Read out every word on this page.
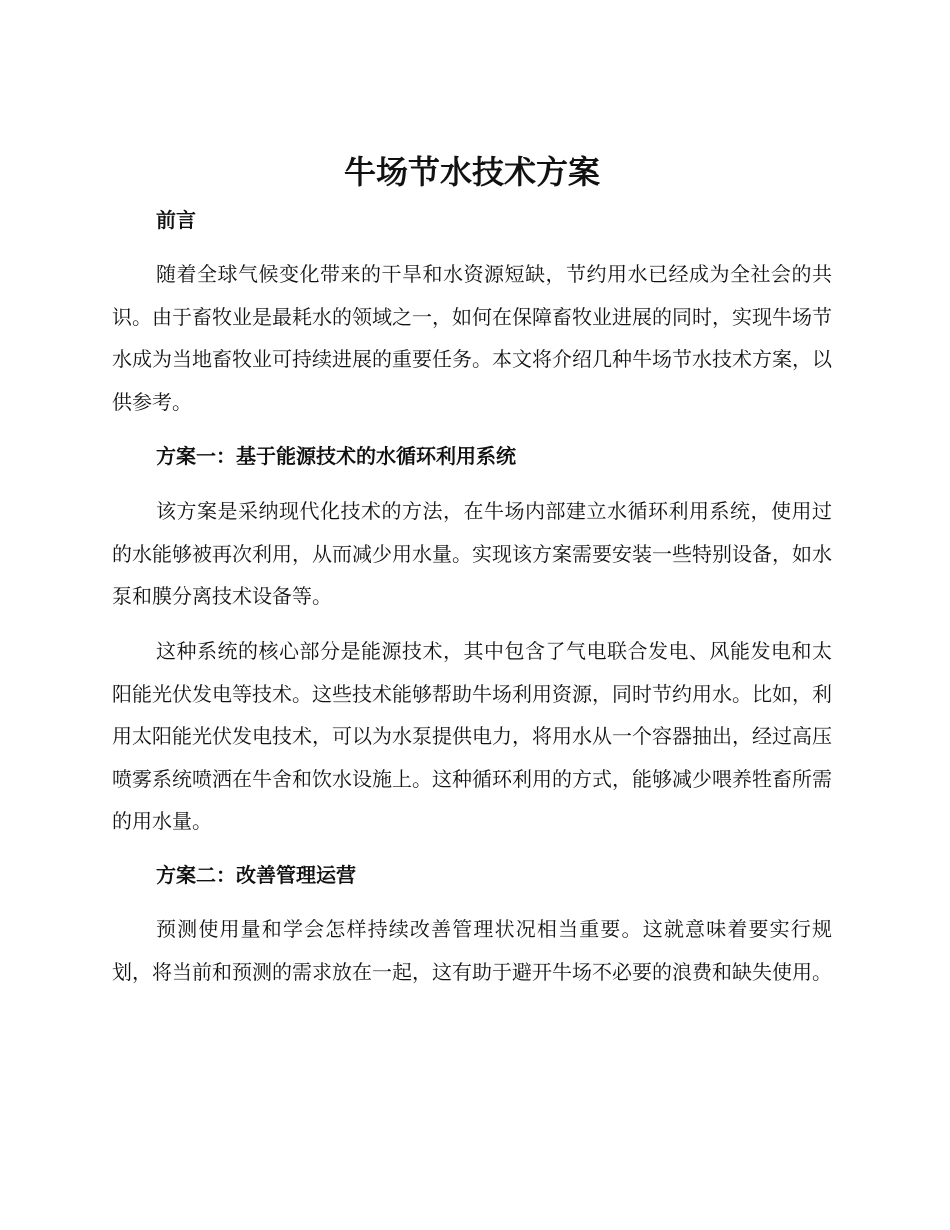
牛场节水技术方案
前言

随着全球气候变化带来的干旱和水资源短缺，节约用水已经成为全社会的共识。由于畜牧业是最耗水的领域之一，如何在保障畜牧业进展的同时，实现牛场节水成为当地畜牧业可持续进展的重要任务。本文将介绍几种牛场节水技术方案，以供参考。

方案一：基于能源技术的水循环利用系统

该方案是采纳现代化技术的方法，在牛场内部建立水循环利用系统，使用过的水能够被再次利用，从而减少用水量。实现该方案需要安装一些特别设备，如水泵和膜分离技术设备等。

这种系统的核心部分是能源技术，其中包含了气电联合发电、风能发电和太阳能光伏发电等技术。这些技术能够帮助牛场利用资源，同时节约用水。比如，利用太阳能光伏发电技术，可以为水泵提供电力，将用水从一个容器抽出，经过高压喷雾系统喷洒在牛舍和饮水设施上。这种循环利用的方式，能够减少喂养牲畜所需的用水量。

方案二：改善管理运营

预测使用量和学会怎样持续改善管理状况相当重要。这就意味着要实行规划，将当前和预测的需求放在一起，这有助于避开牛场不必要的浪费和缺失使用。
